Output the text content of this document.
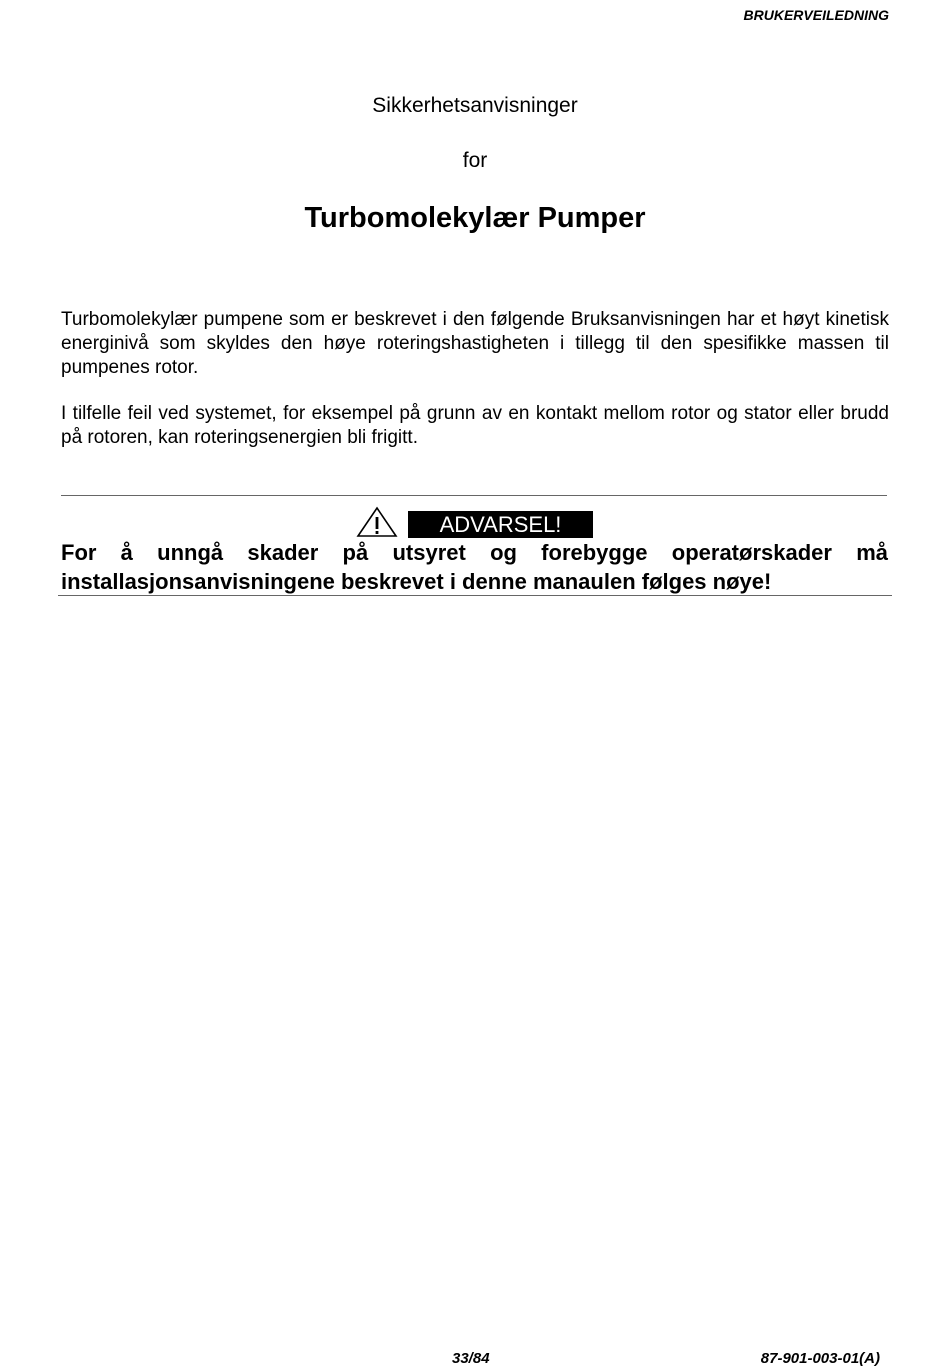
BRUKERVEILEDNING
Sikkerhetsanvisninger
for
Turbomolekylær Pumper
Turbomolekylær pumpene som er beskrevet i den følgende Bruksanvisningen har et høyt kinetisk energinivå som skyldes den høye roteringshastigheten i tillegg til den spesifikke massen til pumpenes rotor.
I tilfelle feil ved systemet, for eksempel på grunn av en kontakt mellom rotor og stator eller brudd på rotoren, kan roteringsenergien bli frigitt.
ADVARSEL!
For å unngå skader på utsyret og forebygge operatørskader må installasjonsanvisningene beskrevet i denne manaulen følges nøye!
33/84	87-901-003-01(A)
